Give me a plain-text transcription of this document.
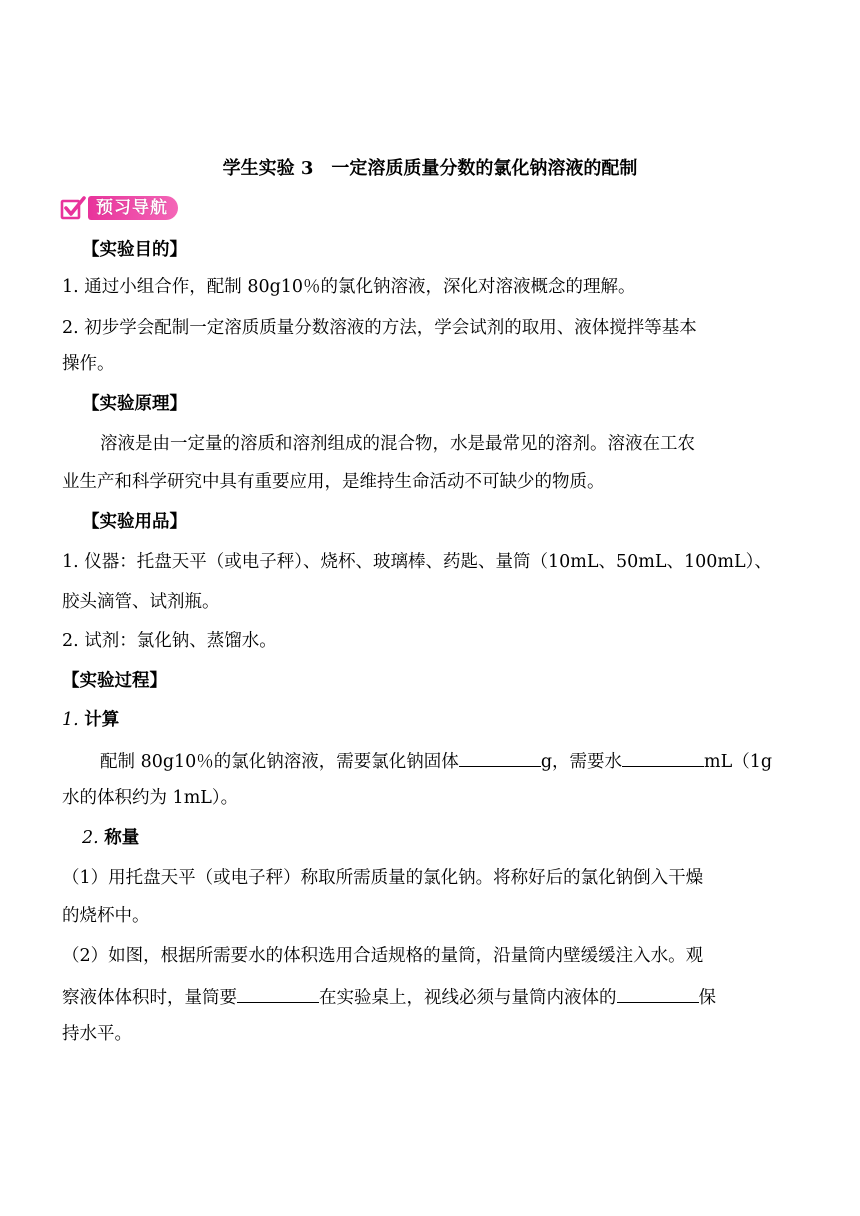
学生实验 3　一定溶质质量分数的氯化钠溶液的配制
预习导航
【实验目的】
1. 通过小组合作，配制 80g10％的氯化钠溶液，深化对溶液概念的理解。
2. 初步学会配制一定溶质质量分数溶液的方法，学会试剂的取用、液体搅拌等基本
操作。
【实验原理】
溶液是由一定量的溶质和溶剂组成的混合物，水是最常见的溶剂。溶液在工农
业生产和科学研究中具有重要应用，是维持生命活动不可缺少的物质。
【实验用品】
1. 仪器：托盘天平（或电子秤）、烧杯、玻璃棒、药匙、量筒（10mL、50mL、100mL）、
胶头滴管、试剂瓶。
2. 试剂：氯化钠、蒸馏水。
【实验过程】
1. 计算
配制 80g10％的氯化钠溶液，需要氯化钠固体	g，需要水	mL（1g
水的体积约为 1mL）。
2. 称量
（1）用托盘天平（或电子秤）称取所需质量的氯化钠。将称好后的氯化钠倒入干燥
的烧杯中。
（2）如图，根据所需要水的体积选用合适规格的量筒，沿量筒内壁缓缓注入水。观
察液体体积时，量筒要	在实验桌上，视线必须与量筒内液体的	保
持水平。
